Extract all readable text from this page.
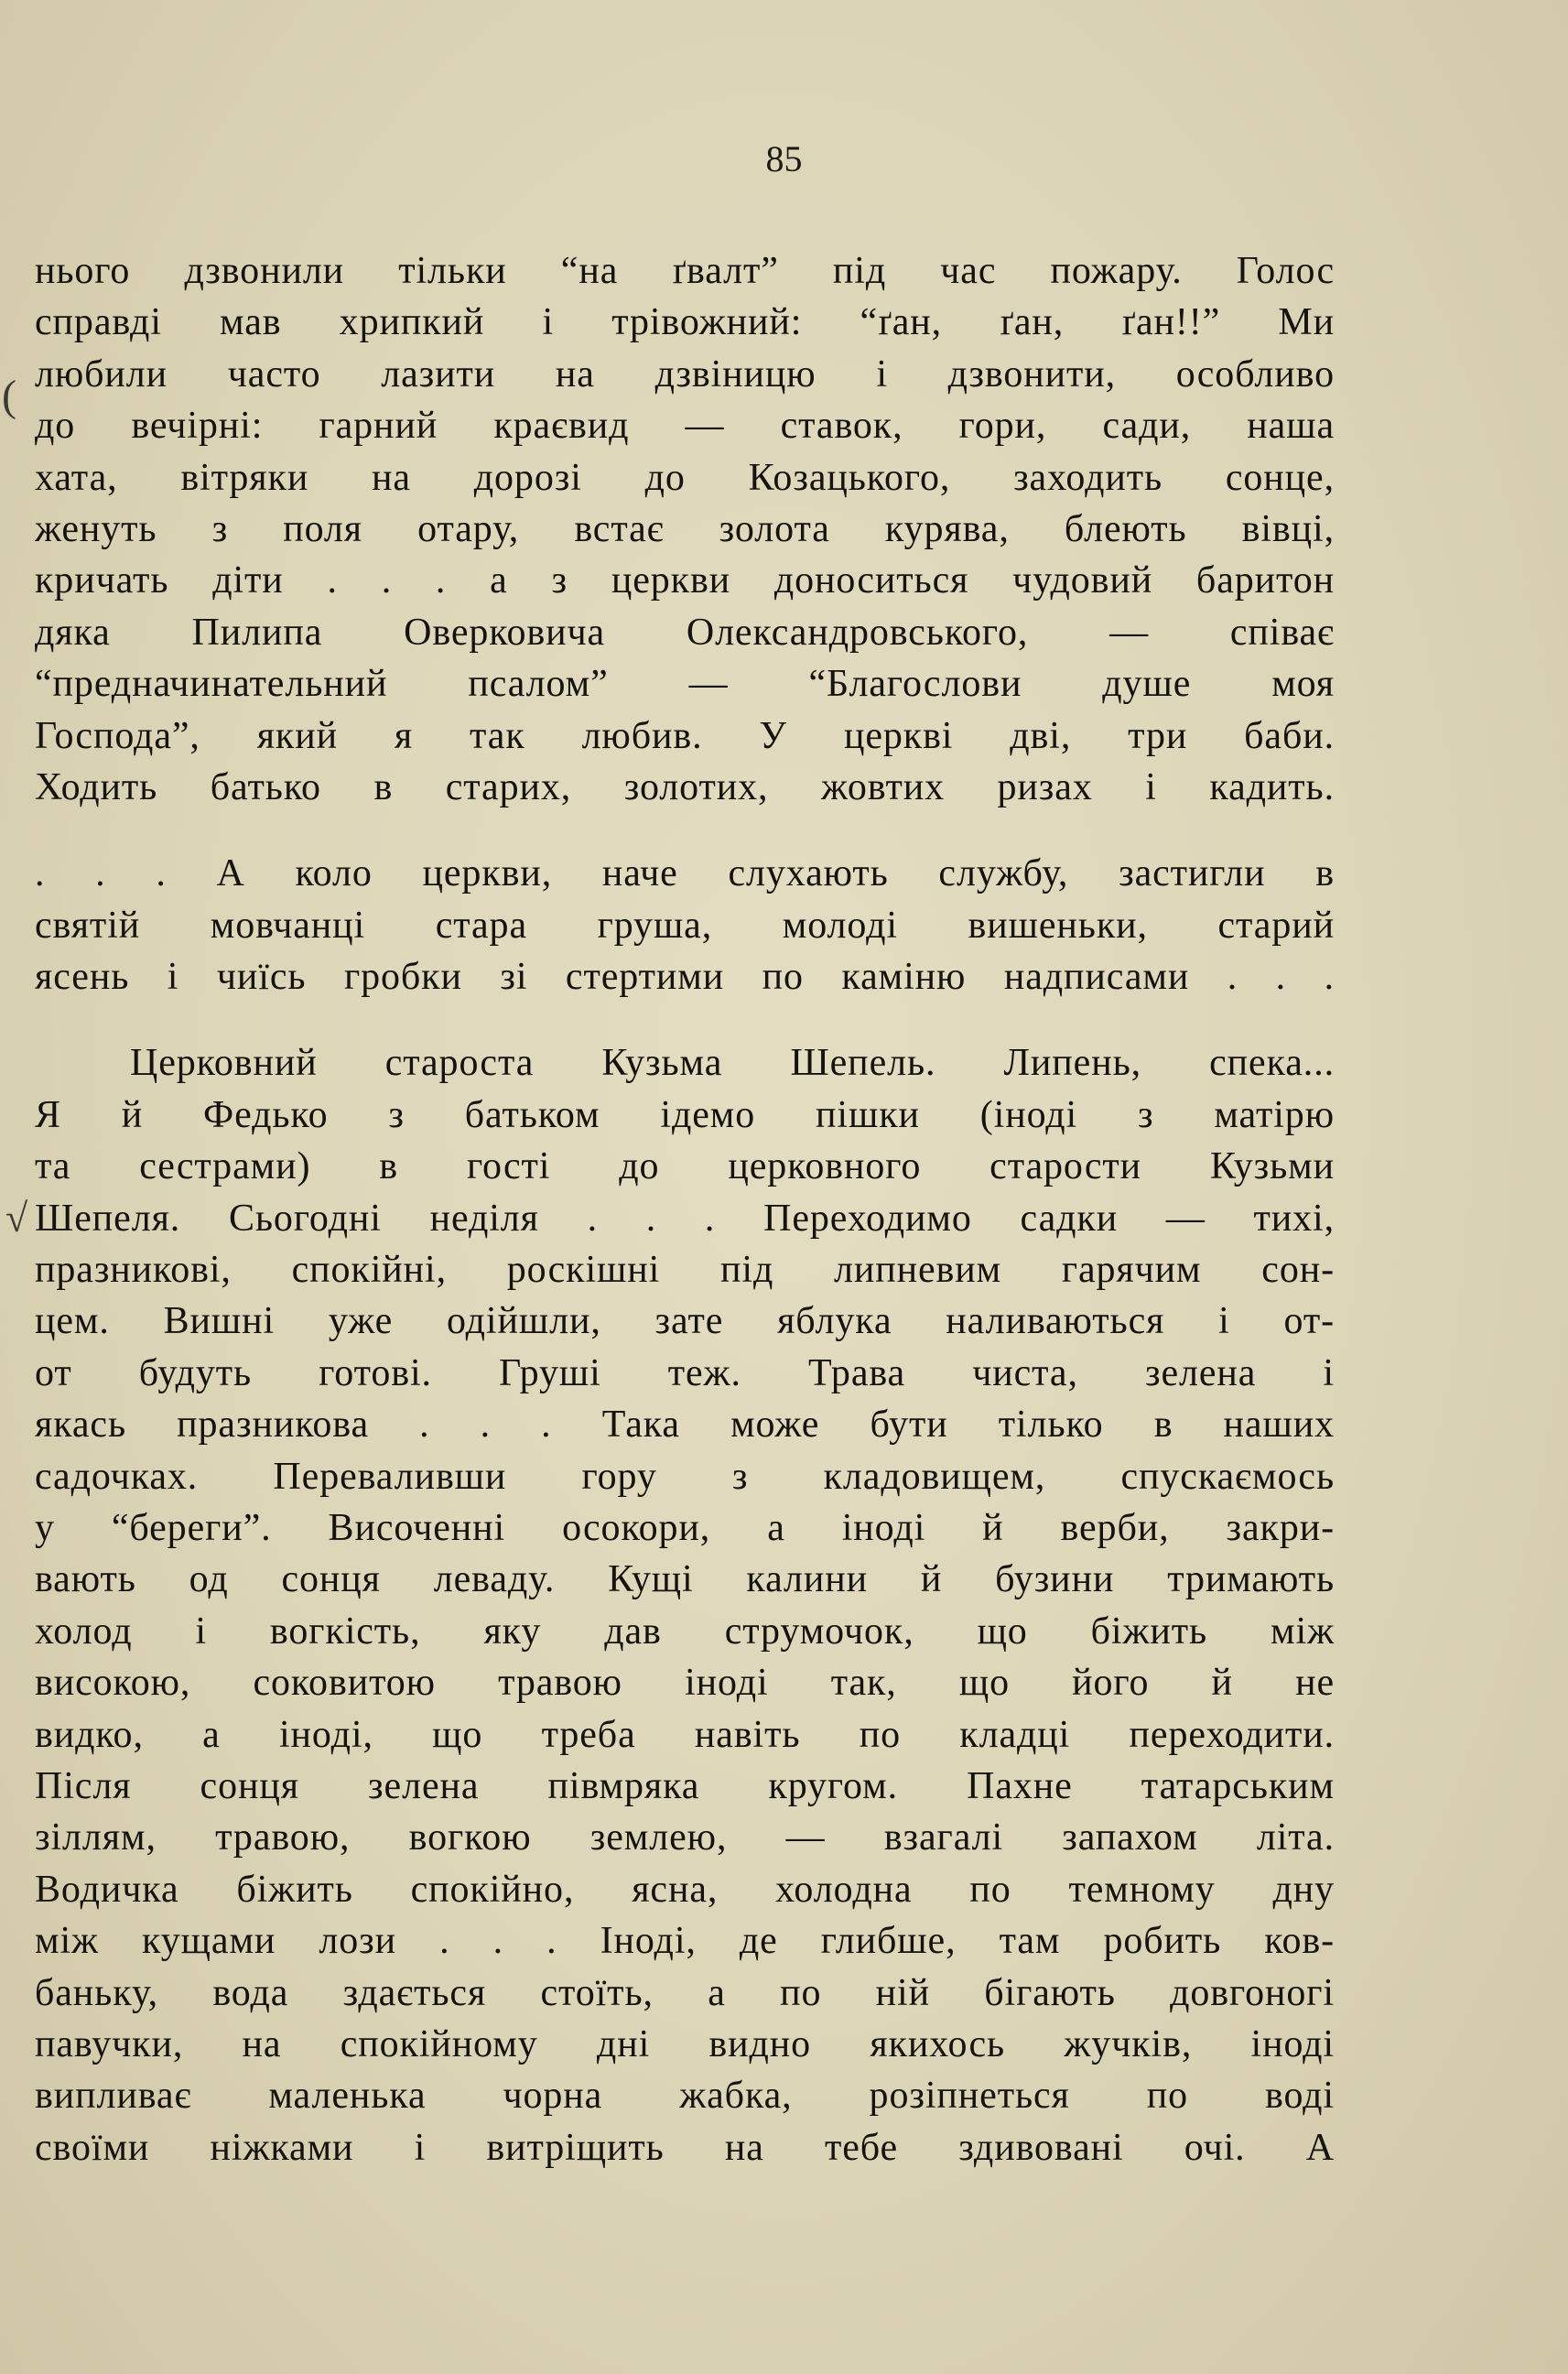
85
(
√
нього дзвонили тільки “на ґвалт” під час пожару. Голос
справді мав хрипкий і трівожний: “ґан, ґан, ґан!!” Ми
любили часто лазити на дзвіницю і дзвонити, особливо
до вечірні: гарний краєвид — ставок, гори, сади, наша
хата, вітряки на дорозі до Козацького, заходить сонце,
женуть з поля отару, встає золота курява, блеють вівці,
кричать діти . . . а з церкви доноситься чудовий баритон
дяка Пилипа Оверковича Олександровського, — співає
“предначинательний псалом” — “Благослови душе моя
Господа”, який я так любив. У церкві дві, три баби.
Ходить батько в старих, золотих, жовтих ризах і кадить.
. . . А коло церкви, наче слухають службу, застигли в
святій мовчанці стара груша, молоді вишеньки, старий
ясень і чиїсь гробки зі стертими по каміню надписами . . .
Церковний староста Кузьма Шепель. Липень, спека...
Я й Федько з батьком ідемо пішки (іноді з матірю
та сестрами) в гості до церковного старости Кузьми
Шепеля. Сьогодні неділя . . . Переходимо садки — тихі,
празникові, спокійні, роскішні під липневим гарячим сон-
цем. Вишні уже одійшли, зате яблука наливаються і от-
от будуть готові. Груші теж. Трава чиста, зелена і
якась празникова . . . Така може бути тілько в наших
садочках. Переваливши гору з кладовищем, спускаємось
у “береги”. Височенні осокори, а іноді й верби, закри-
вають од сонця леваду. Кущі калини й бузини тримають
холод і вогкість, яку дав струмочок, що біжить між
високою, соковитою травою іноді так, що його й не
видко, а іноді, що треба навіть по кладці переходити.
Після сонця зелена півмряка кругом. Пахне татарським
зіллям, травою, вогкою землею, — взагалі запахом літа.
Водичка біжить спокійно, ясна, холодна по темному дну
між кущами лози . . . Іноді, де глибше, там робить ков-
баньку, вода здається стоїть, а по ній бігають довгоногі
павучки, на спокійному дні видно якихось жучків, іноді
випливає маленька чорна жабка, розіпнеться по воді
своїми ніжками і витріщить на тебе здивовані очі. А
